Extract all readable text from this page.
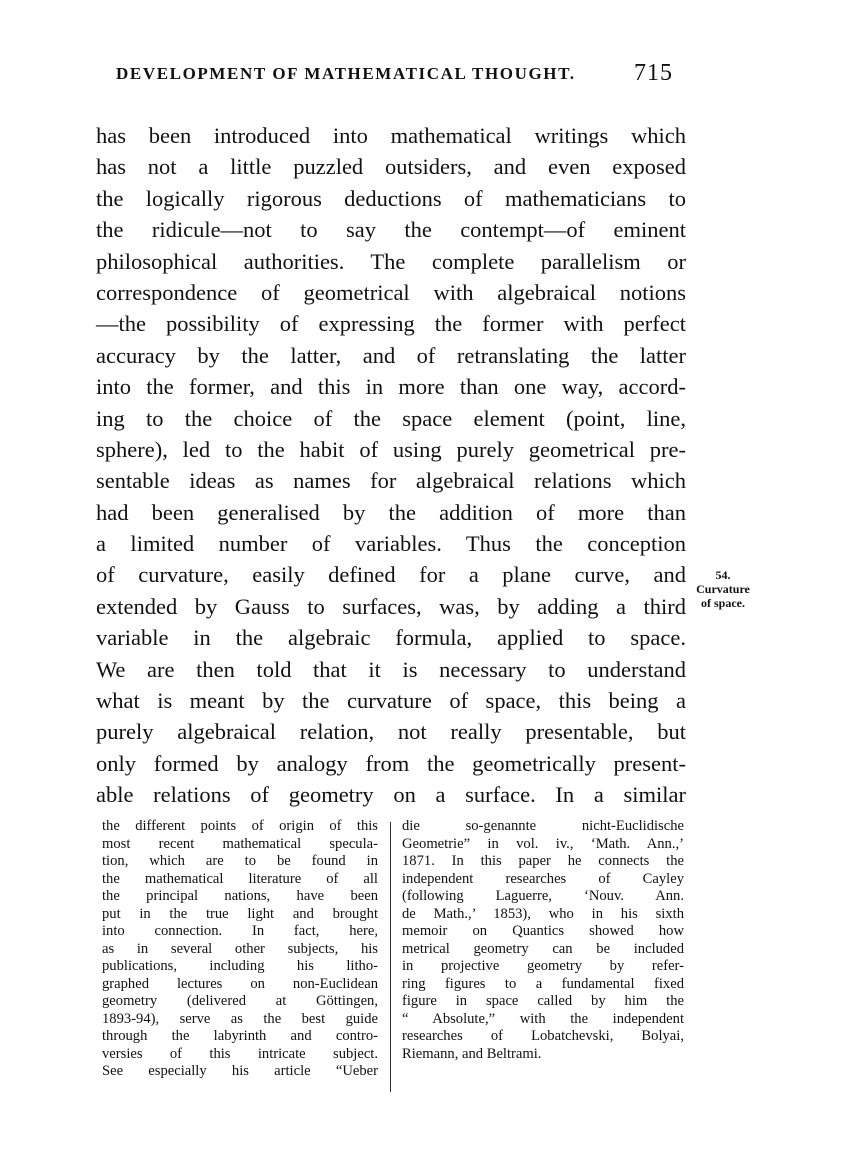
DEVELOPMENT OF MATHEMATICAL THOUGHT. 715
has been introduced into mathematical writings which
has not a little puzzled outsiders, and even exposed
the logically rigorous deductions of mathematicians to
the ridicule—not to say the contempt—of eminent
philosophical authorities. The complete parallelism or
correspondence of geometrical with algebraical notions
—the possibility of expressing the former with perfect
accuracy by the latter, and of retranslating the latter
into the former, and this in more than one way, accord-
ing to the choice of the space element (point, line,
sphere), led to the habit of using purely geometrical pre-
sentable ideas as names for algebraical relations which
had been generalised by the addition of more than
a limited number of variables. Thus the conception
of curvature, easily defined for a plane curve, and
extended by Gauss to surfaces, was, by adding a third
variable in the algebraic formula, applied to space.
We are then told that it is necessary to understand
what is meant by the curvature of space, this being a
purely algebraical relation, not really presentable, but
only formed by analogy from the geometrically present-
able relations of geometry on a surface. In a similar
54.
Curvature
of space.
the different points of origin of this
most recent mathematical specula-
tion, which are to be found in
the mathematical literature of all
the principal nations, have been
put in the true light and brought
into connection. In fact, here,
as in several other subjects, his
publications, including his litho-
graphed lectures on non-Euclidean
geometry (delivered at Göttingen,
1893-94), serve as the best guide
through the labyrinth and contro-
versies of this intricate subject.
See especially his article “Ueber
die so-genannte nicht-Euclidische
Geometrie” in vol. iv., ‘Math. Ann.,’
1871. In this paper he connects the
independent researches of Cayley
(following Laguerre, ‘Nouv. Ann.
de Math.,’ 1853), who in his sixth
memoir on Quantics showed how
metrical geometry can be included
in projective geometry by refer-
ring figures to a fundamental fixed
figure in space called by him the
“ Absolute,” with the independent
researches of Lobatchevski, Bolyai,
Riemann, and Beltrami.
